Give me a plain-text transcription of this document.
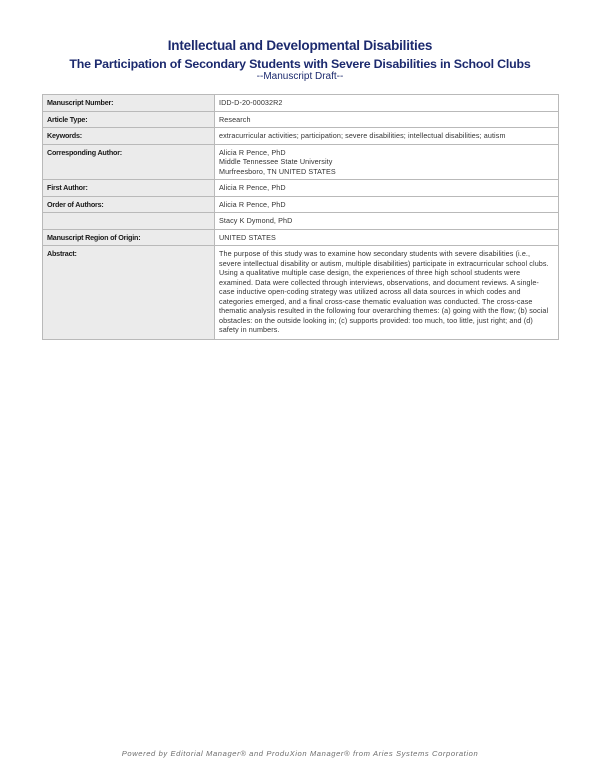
Intellectual and Developmental Disabilities
The Participation of Secondary Students with Severe Disabilities in School Clubs
--Manuscript Draft--
Manuscript Number:	IDD-D-20-00032R2
Article Type:	Research
Keywords:	extracurricular activities; participation; severe disabilities; intellectual disabilities; autism
Corresponding Author:	Alicia R Pence, PhD
Middle Tennessee State University
Murfreesboro, TN UNITED STATES

First Author:	Alicia R Pence, PhD
Order of Authors:	Alicia R Pence, PhD

	Stacy K Dymond, PhD

Manuscript Region of Origin:	UNITED STATES
Abstract:	The purpose of this study was to examine how secondary students with severe disabilities (i.e., severe intellectual disability or autism, multiple disabilities) participate in extracurricular school clubs. Using a qualitative multiple case design, the experiences of three high school students were examined. Data were collected through interviews, observations, and document reviews. A single-case inductive open-coding strategy was utilized across all data sources in which codes and categories emerged, and a final cross-case thematic evaluation was conducted. The cross-case thematic analysis resulted in the following four overarching themes: (a) going with the flow; (b) social obstacles: on the outside looking in; (c) supports provided: too much, too little, just right; and (d) safety in numbers.
Powered by Editorial Manager® and ProduXion Manager® from Aries Systems Corporation
